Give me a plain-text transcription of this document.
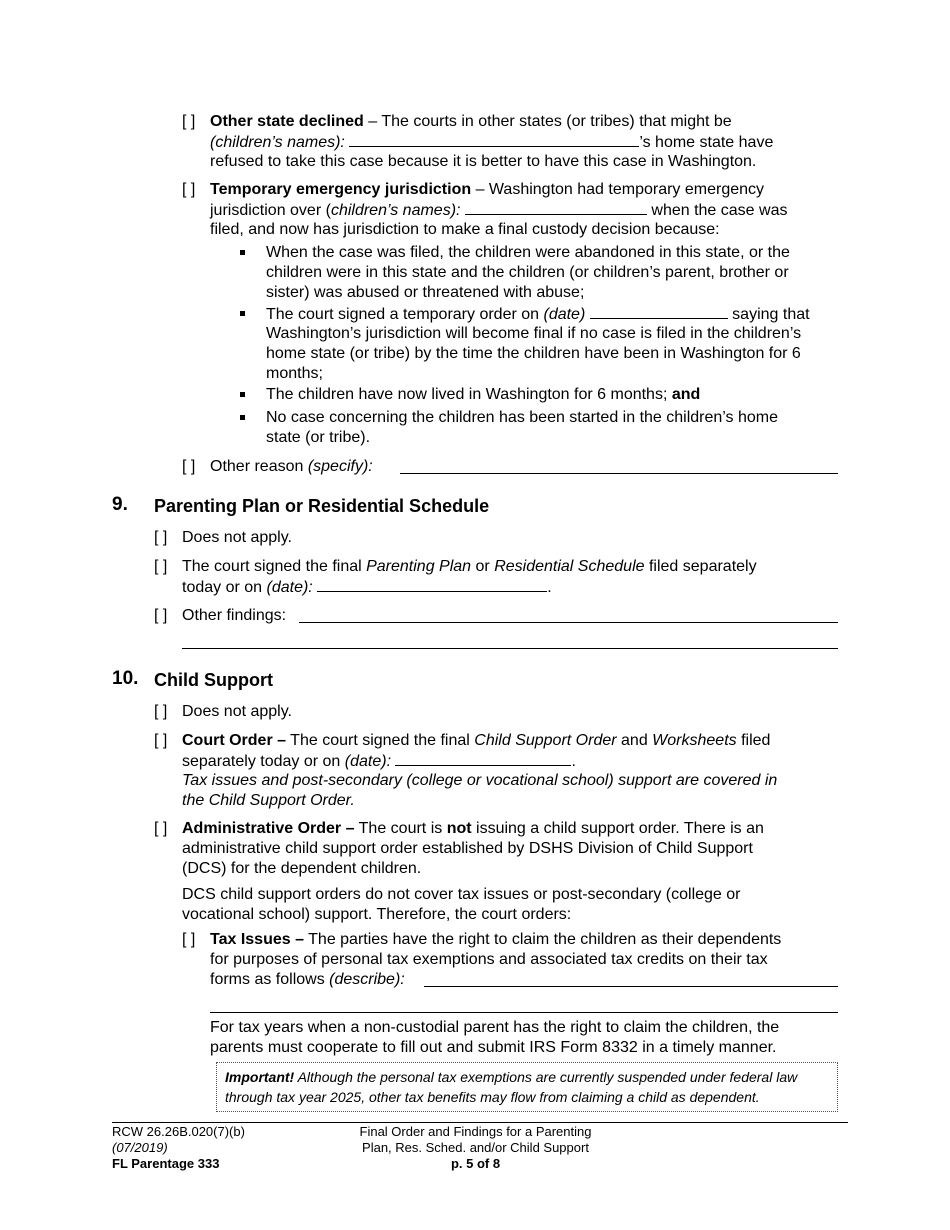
[ ] Other state declined – The courts in other states (or tribes) that might be
(children’s names):	’s home state have
refused to take this case because it is better to have this case in Washington.
[ ] Temporary emergency jurisdiction – Washington had temporary emergency
jurisdiction over (children’s names):	when the case was
filed, and now has jurisdiction to make a final custody decision because:
When the case was filed, the children were abandoned in this state, or the
children were in this state and the children (or children’s parent, brother or
sister) was abused or threatened with abuse;
The court signed a temporary order on (date)	saying that
Washington’s jurisdiction will become final if no case is filed in the children’s
home state (or tribe) by the time the children have been in Washington for 6
months;
The children have now lived in Washington for 6 months; and
No case concerning the children has been started in the children’s home
state (or tribe).
[ ] Other reason (specify):
9. Parenting Plan or Residential Schedule
[ ] Does not apply.
[ ] The court signed the final Parenting Plan or Residential Schedule filed separately
today or on (date):	.
[ ] Other findings:
10. Child Support
[ ] Does not apply.
[ ] Court Order – The court signed the final Child Support Order and Worksheets filed
separately today or on (date):	.
Tax issues and post-secondary (college or vocational school) support are covered in
the Child Support Order.
[ ] Administrative Order – The court is not issuing a child support order. There is an
administrative child support order established by DSHS Division of Child Support
(DCS) for the dependent children.
DCS child support orders do not cover tax issues or post-secondary (college or
vocational school) support. Therefore, the court orders:
[ ] Tax Issues – The parties have the right to claim the children as their dependents
for purposes of personal tax exemptions and associated tax credits on their tax
forms as follows (describe):
For tax years when a non-custodial parent has the right to claim the children, the
parents must cooperate to fill out and submit IRS Form 8332 in a timely manner.
Important! Although the personal tax exemptions are currently suspended under federal law
through tax year 2025, other tax benefits may flow from claiming a child as dependent.
RCW 26.26B.020(7)(b)
(07/2019)
FL Parentage 333
Final Order and Findings for a Parenting
Plan, Res. Sched. and/or Child Support
p. 5 of 8
